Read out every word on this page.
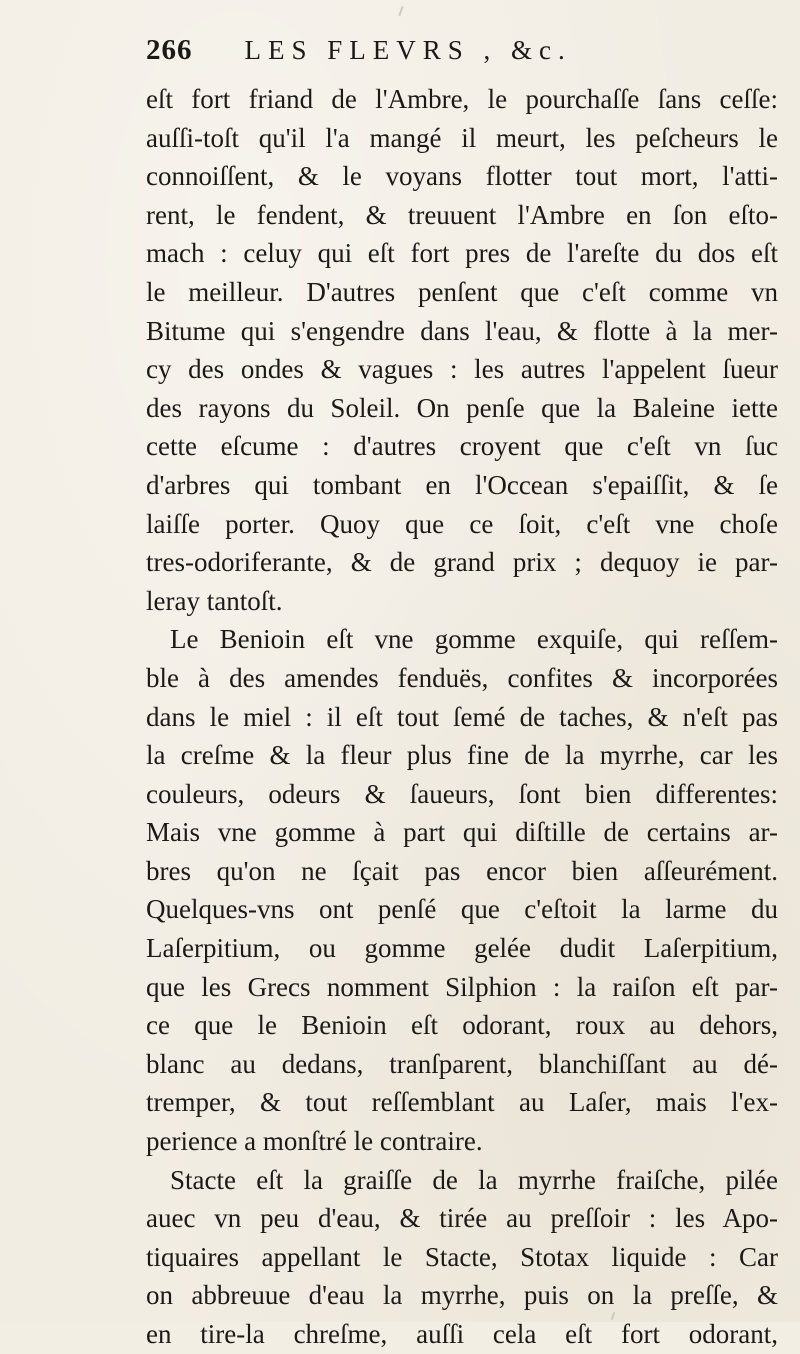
266 LES FLEVRS , &c.
eſt fort friand de l'Ambre, le pourchaſſe ſans ceſſe:
auſſi-toſt qu'il l'a mangé il meurt, les peſcheurs le
connoiſſent, & le voyans flotter tout mort, l'atti-
rent, le fendent, & treuuent l'Ambre en ſon eſto-
mach : celuy qui eſt fort pres de l'areſte du dos eſt
le meilleur. D'autres penſent que c'eſt comme vn
Bitume qui s'engendre dans l'eau, & flotte à la mer-
cy des ondes & vagues : les autres l'appelent ſueur
des rayons du Soleil. On penſe que la Baleine iette
cette eſcume : d'autres croyent que c'eſt vn ſuc
d'arbres qui tombant en l'Occean s'epaiſſit, & ſe
laiſſe porter. Quoy que ce ſoit, c'eſt vne choſe
tres-odoriferante, & de grand prix ; dequoy ie par-
leray tantoſt.
Le Benioin eſt vne gomme exquiſe, qui reſſem-
ble à des amendes fenduës, confites & incorporées
dans le miel : il eſt tout ſemé de taches, & n'eſt pas
la creſme & la fleur plus fine de la myrrhe, car les
couleurs, odeurs & ſaueurs, ſont bien differentes:
Mais vne gomme à part qui diſtille de certains ar-
bres qu'on ne ſçait pas encor bien aſſeurément.
Quelques-vns ont penſé que c'eſtoit la larme du
Laſerpitium, ou gomme gelée dudit Laſerpitium,
que les Grecs nomment Silphion : la raiſon eſt par-
ce que le Benioin eſt odorant, roux au dehors,
blanc au dedans, tranſparent, blanchiſſant au dé-
tremper, & tout reſſemblant au Laſer, mais l'ex-
perience a monſtré le contraire.
Stacte eſt la graiſſe de la myrrhe fraiſche, pilée
auec vn peu d'eau, & tirée au preſſoir : les Apo-
tiquaires appellant le Stacte, Stotax liquide : Car
on abbreuue d'eau la myrrhe, puis on la preſſe, &
en tire-la chreſme, auſſi cela eſt fort odorant,
